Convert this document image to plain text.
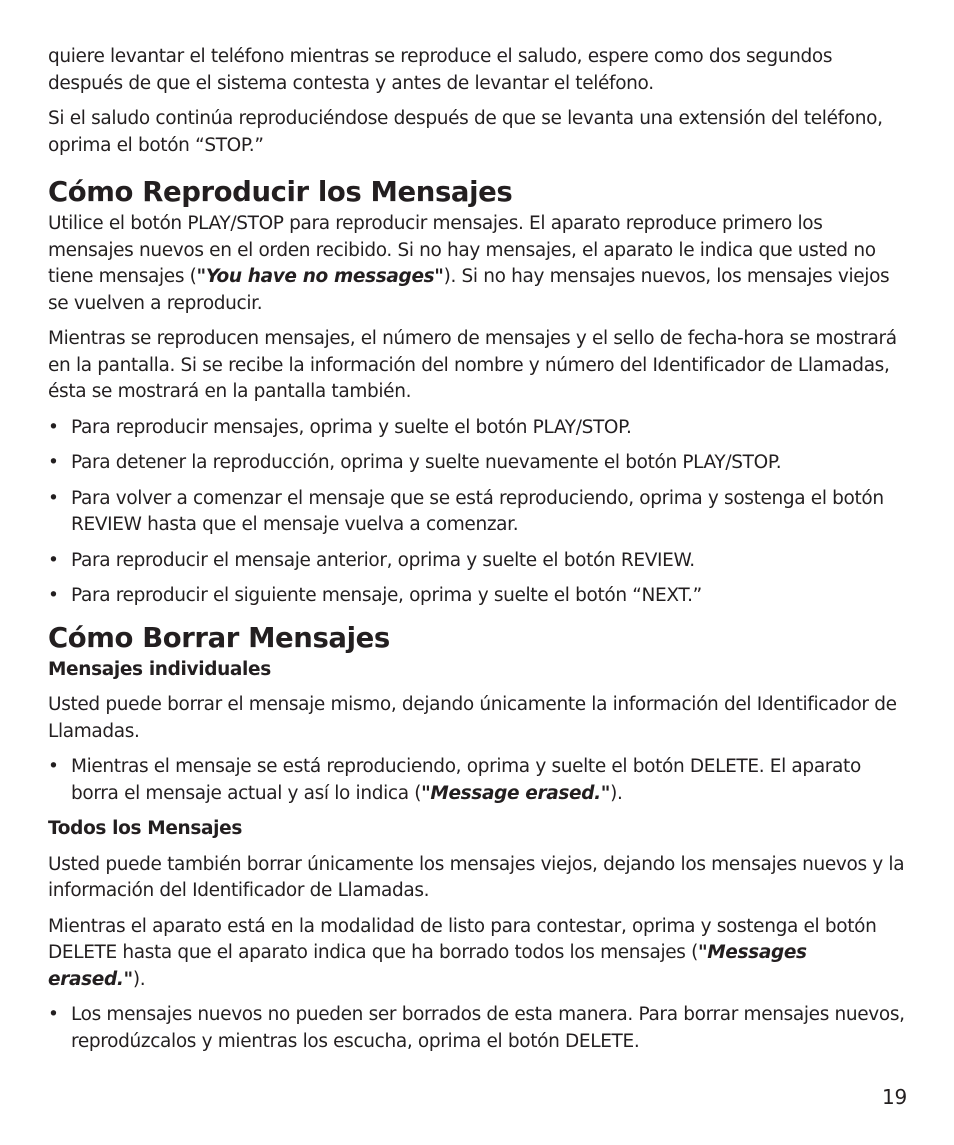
quiere levantar el teléfono mientras se reproduce el saludo, espere como dos segundos después de que el sistema contesta y antes de levantar el teléfono.

Si el saludo continúa reproduciéndose después de que se levanta una extensión del teléfono, oprima el botón “STOP.”

Cómo Reproducir los Mensajes

Utilice el botón PLAY/STOP para reproducir mensajes. El aparato reproduce primero los mensajes nuevos en el orden recibido. Si no hay mensajes, el aparato le indica que usted no tiene mensajes ("You have no messages"). Si no hay mensajes nuevos, los mensajes viejos se vuelven a reproducir.

Mientras se reproducen mensajes, el número de mensajes y el sello de fecha-hora se mostrará en la pantalla. Si se recibe la información del nombre y número del Identificador de Llamadas, ésta se mostrará en la pantalla también.

• Para reproducir mensajes, oprima y suelte el botón PLAY/STOP.
• Para detener la reproducción, oprima y suelte nuevamente el botón PLAY/STOP.
• Para volver a comenzar el mensaje que se está reproduciendo, oprima y sostenga el botón REVIEW hasta que el mensaje vuelva a comenzar.
• Para reproducir el mensaje anterior, oprima y suelte el botón REVIEW.
• Para reproducir el siguiente mensaje, oprima y suelte el botón “NEXT.”
Cómo Borrar Mensajes
Mensajes individuales

Usted puede borrar el mensaje mismo, dejando únicamente la información del Identificador de Llamadas.

• Mientras el mensaje se está reproduciendo, oprima y suelte el botón DELETE. El aparato borra el mensaje actual y así lo indica ("Message erased.").
Todos los Mensajes

Usted puede también borrar únicamente los mensajes viejos, dejando los mensajes nuevos y la información del Identificador de Llamadas.

Mientras el aparato está en la modalidad de listo para contestar, oprima y sostenga el botón DELETE hasta que el aparato indica que ha borrado todos los mensajes ("Messages erased.").

• Los mensajes nuevos no pueden ser borrados de esta manera. Para borrar mensajes nuevos, reprodúzcalos y mientras los escucha, oprima el botón DELETE.
19
